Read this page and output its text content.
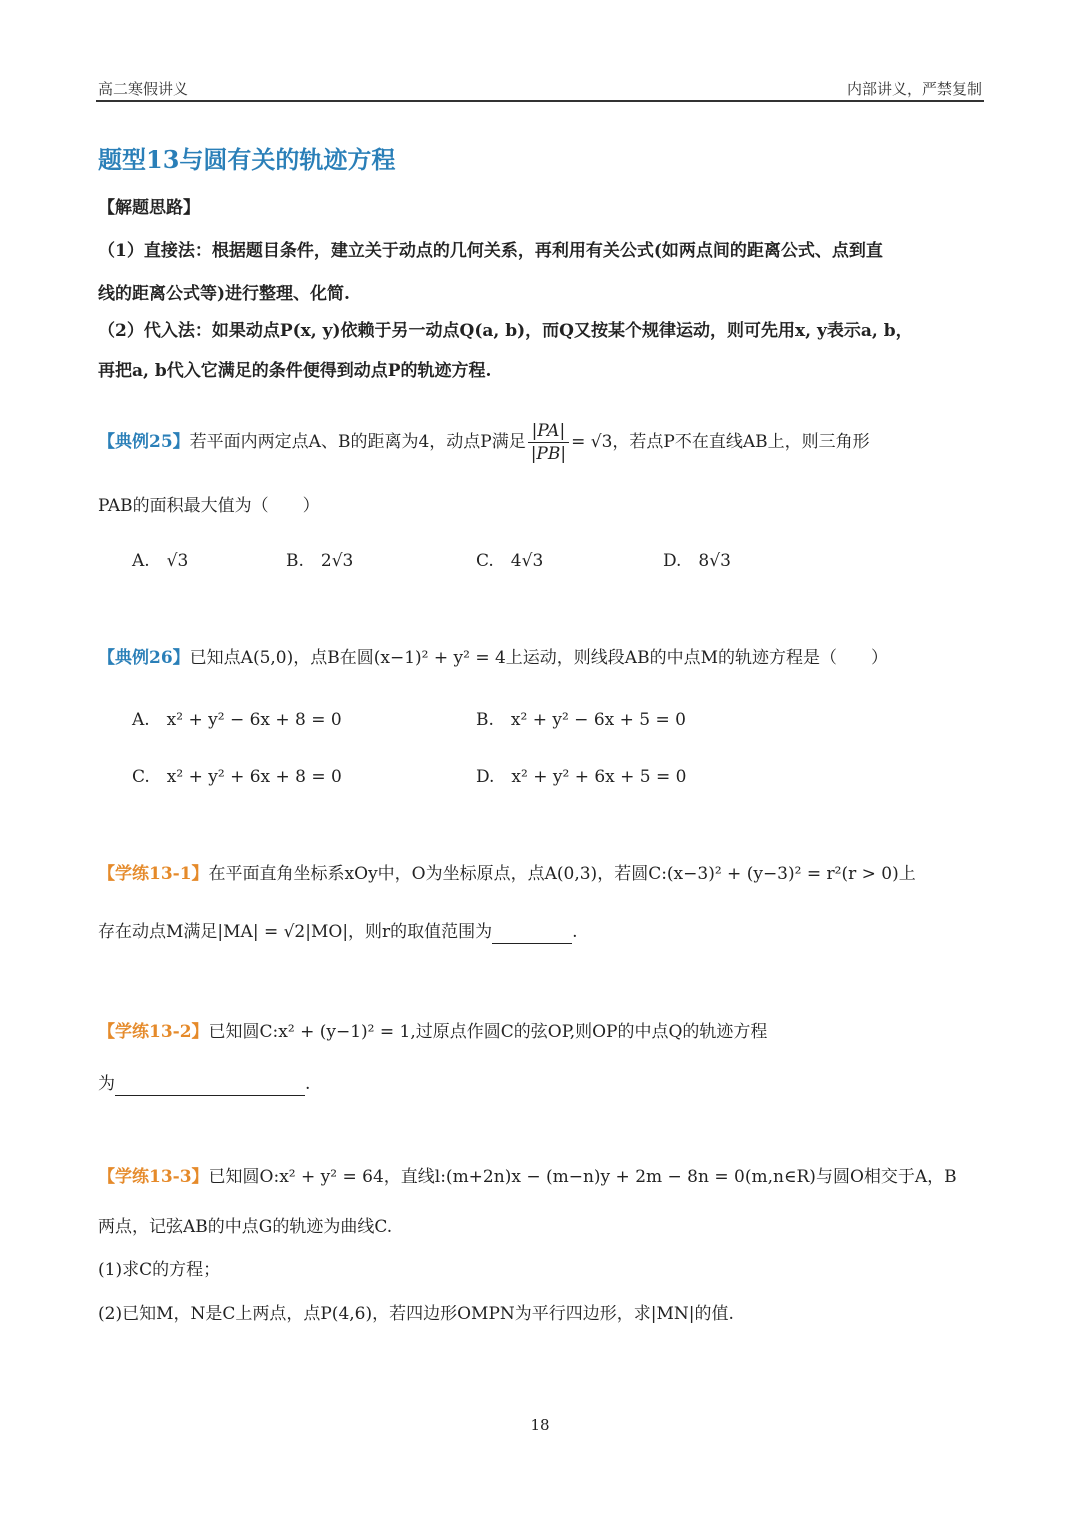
高二寒假讲义	内部讲义，严禁复制
题型13与圆有关的轨迹方程
【解题思路】
（1）直接法：根据题目条件，建立关于动点的几何关系，再利用有关公式(如两点间的距离公式、点到直
线的距离公式等)进行整理、化简.
（2）代入法：如果动点P(x, y)依赖于另一动点Q(a, b)，而Q又按某个规律运动，则可先用x, y表示a, b，
再把a, b代入它满足的条件便得到动点P的轨迹方程.
【典例25】若平面内两定点A、B的距离为4，动点P满足 $\frac{|PA|}{|PB|} = √3$，若点P不在直线AB上，则三角形
PAB的面积最大值为（　　）
A.　√3	B.　2√3	C.　4√3	D.　8√3
【典例26】已知点A(5,0)，点B在圆(x−1)² + y² = 4上运动，则线段AB的中点M的轨迹方程是（　　）
A.　x² + y² − 6x + 8 = 0	B.　x² + y² − 6x + 5 = 0
C.　x² + y² + 6x + 8 = 0	D.　x² + y² + 6x + 5 = 0
【学练13-1】在平面直角坐标系xOy中，O为坐标原点，点A(0,3)，若圆C:(x−3)² + (y−3)² = r²(r > 0)上
存在动点M满足|MA| = √2|MO|，则r的取值范围为	.
【学练13-2】已知圆C:x² + (y−1)² = 1,过原点作圆C的弦OP,则OP的中点Q的轨迹方程
为	.
【学练13-3】已知圆O:x² + y² = 64，直线l:(m+2n)x − (m−n)y + 2m − 8n = 0(m,n∈R)与圆O相交于A，B
两点，记弦AB的中点G的轨迹为曲线C.
(1)求C的方程；
(2)已知M，N是C上两点，点P(4,6)，若四边形OMPN为平行四边形，求|MN|的值.
18
